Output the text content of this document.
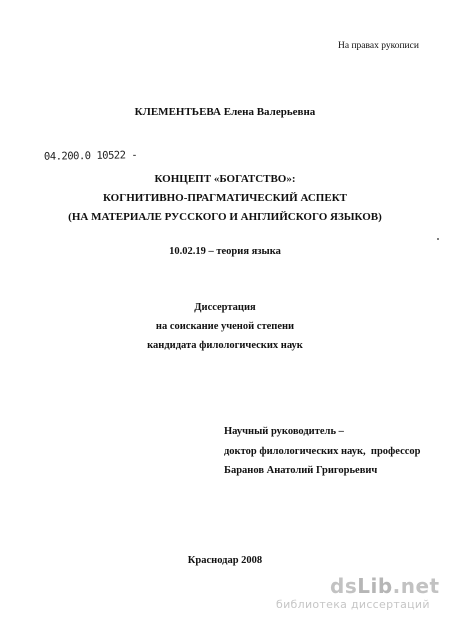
На правах рукописи
КЛЕМЕНТЬЕВА Елена Валерьевна
04.200.0 10522 -
КОНЦЕПТ «БОГАТСТВО»:
КОГНИТИВНО-ПРАГМАТИЧЕСКИЙ АСПЕКТ
(НА МАТЕРИАЛЕ РУССКОГО И АНГЛИЙСКОГО ЯЗЫКОВ)
10.02.19 – теория языка
Диссертация
на соискание ученой степени
кандидата филологических наук
Научный руководитель –
доктор филологических наук,  профессор
Баранов Анатолий Григорьевич
Краснодар 2008
dsLib.net
библиотека диссертаций
